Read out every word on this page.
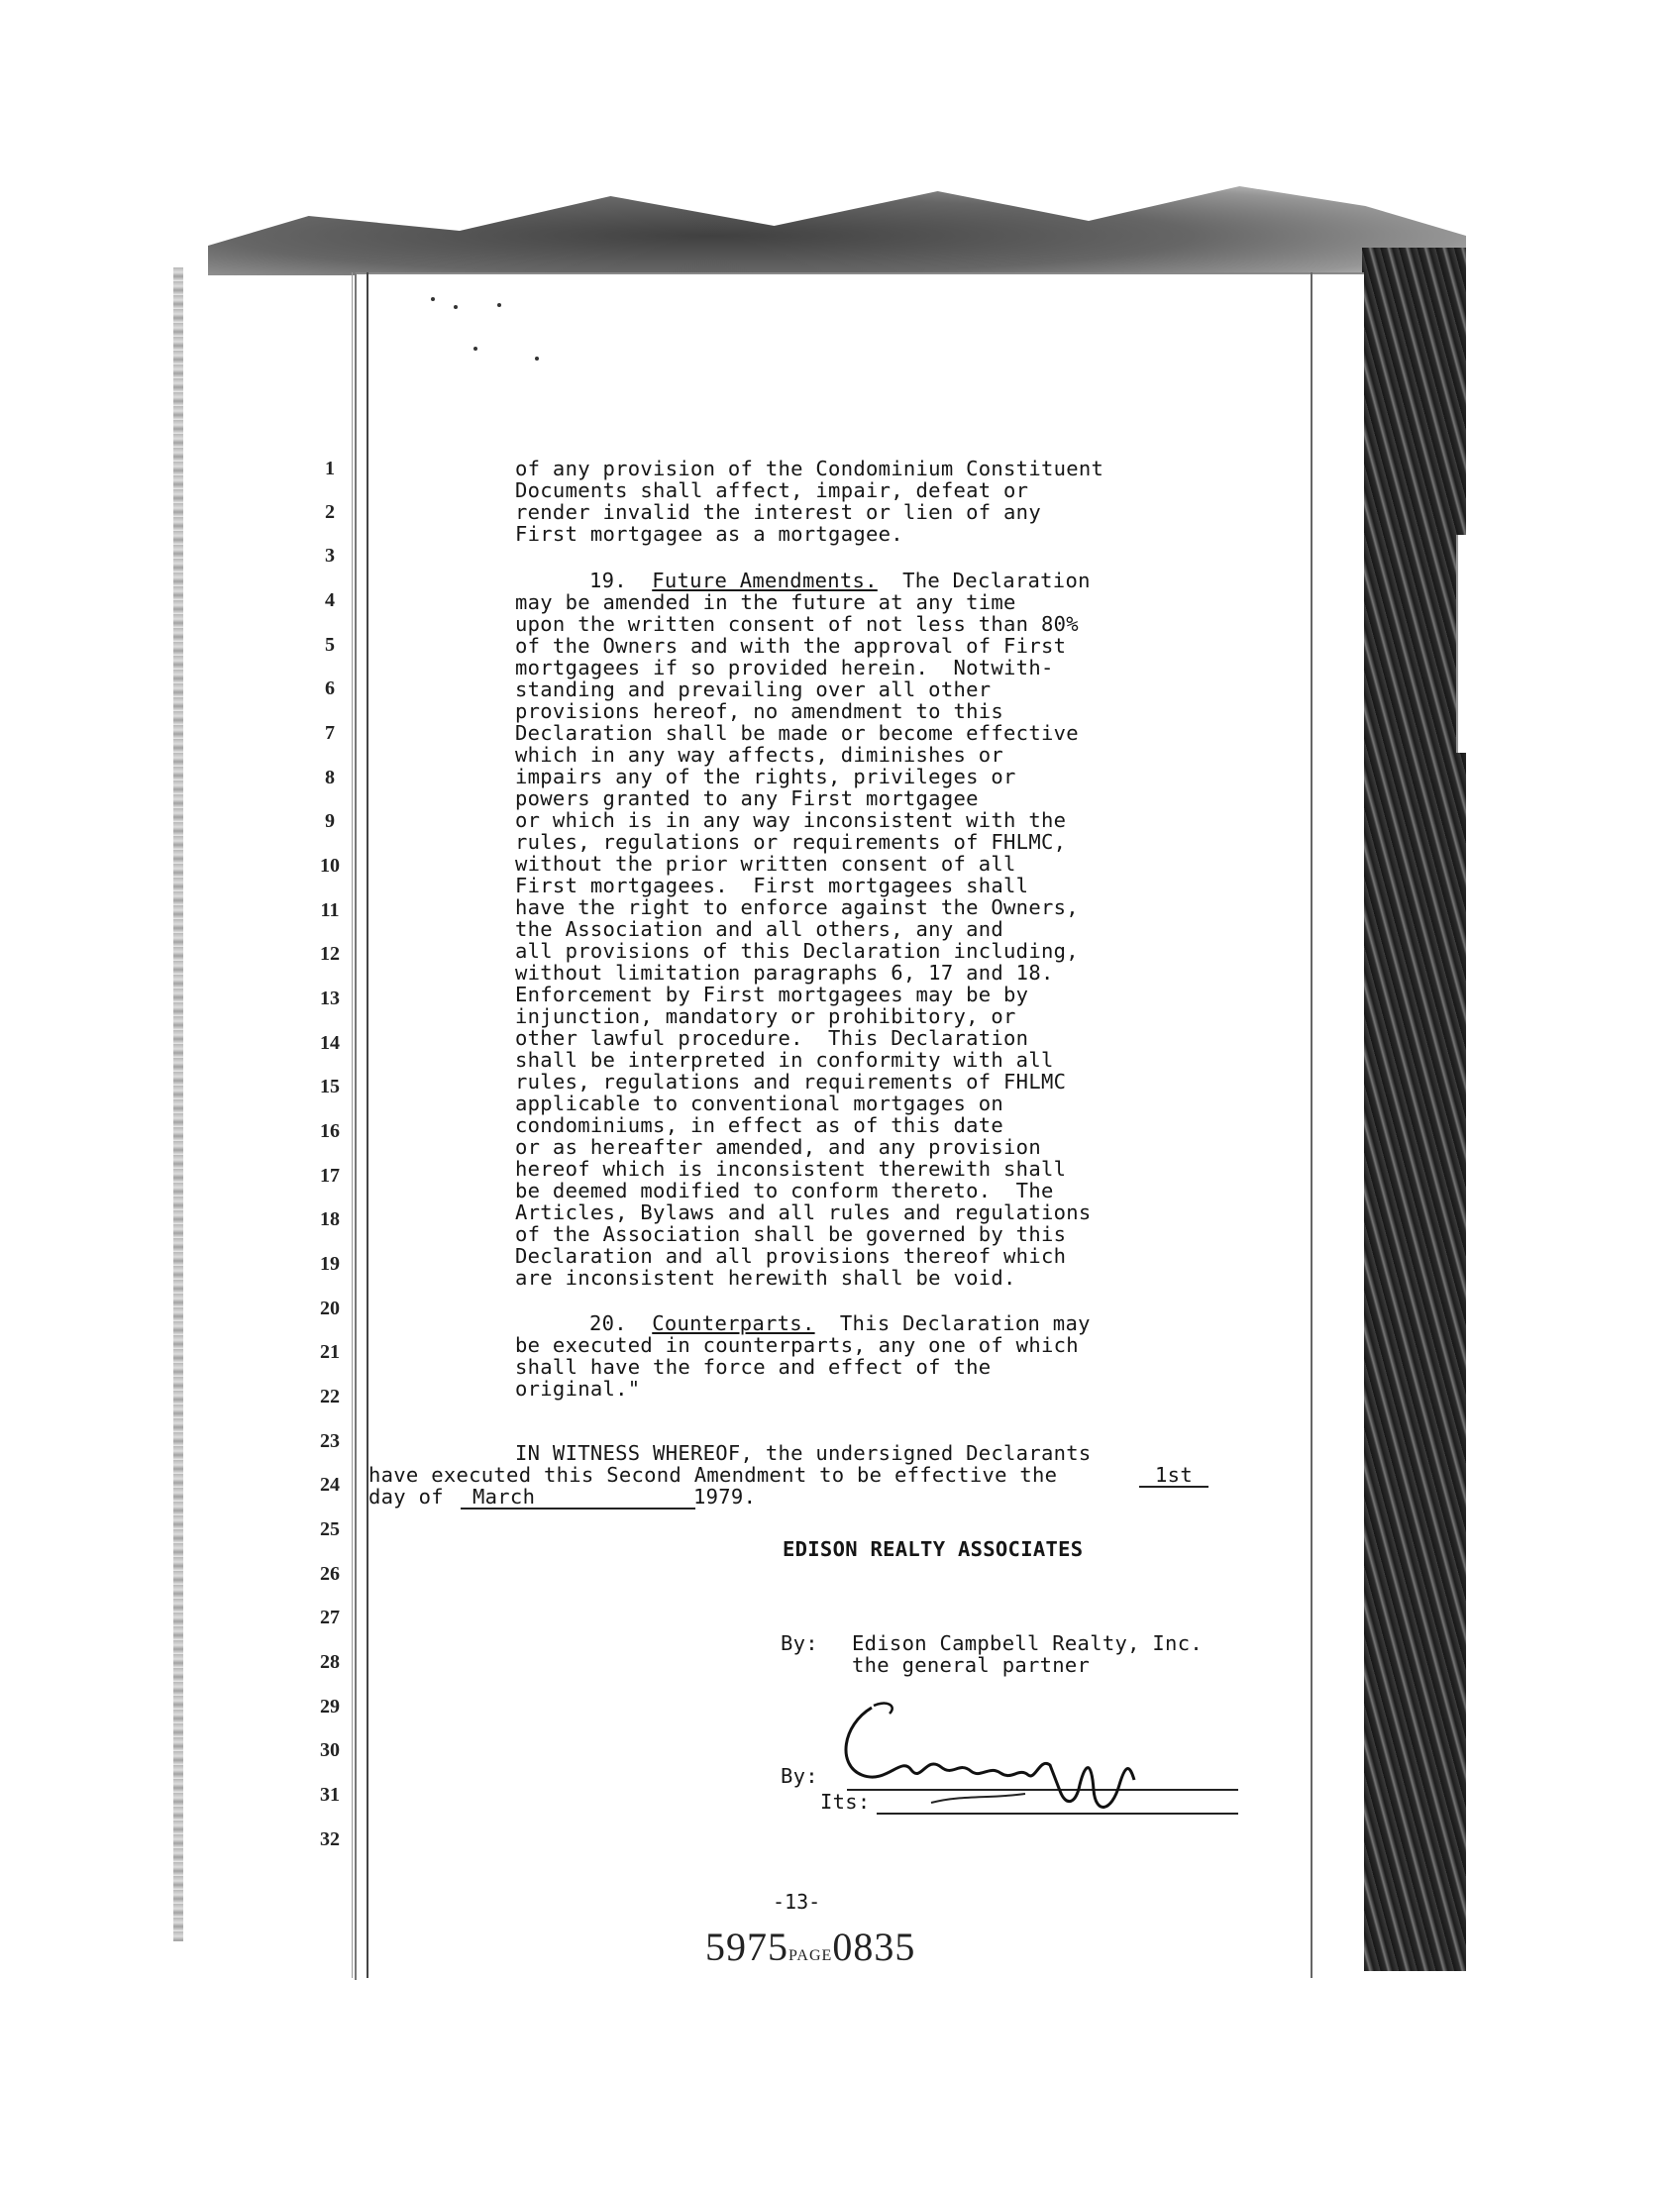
1
2
3
4
5
6
7
8
9
10
11
12
13
14
15
16
17
18
19
20
21
22
23
24
25
26
27
28
29
30
31
32
of any provision of the Condominium Constituent
Documents shall affect, impair, defeat or
render invalid the interest or lien of any
First mortgagee as a mortgagee.
19. Future Amendments. The Declaration
may be amended in the future at any time
upon the written consent of not less than 80%
of the Owners and with the approval of First
mortgagees if so provided herein.  Notwith-
standing and prevailing over all other
provisions hereof, no amendment to this
Declaration shall be made or become effective
which in any way affects, diminishes or
impairs any of the rights, privileges or
powers granted to any First mortgagee
or which is in any way inconsistent with the
rules, regulations or requirements of FHLMC,
without the prior written consent of all
First mortgagees.  First mortgagees shall
have the right to enforce against the Owners,
the Association and all others, any and
all provisions of this Declaration including,
without limitation paragraphs 6, 17 and 18.
Enforcement by First mortgagees may be by
injunction, mandatory or prohibitory, or
other lawful procedure.  This Declaration
shall be interpreted in conformity with all
rules, regulations and requirements of FHLMC
applicable to conventional mortgages on
condominiums, in effect as of this date
or as hereafter amended, and any provision
hereof which is inconsistent therewith shall
be deemed modified to conform thereto.  The
Articles, Bylaws and all rules and regulations
of the Association shall be governed by this
Declaration and all provisions thereof which
are inconsistent herewith shall be void.
20. Counterparts. This Declaration may
be executed in counterparts, any one of which
shall have the force and effect of the
original."
IN WITNESS WHEREOF, the undersigned Declarants
have executed this Second Amendment to be effective the	1st
day of	March	1979.
EDISON REALTY ASSOCIATES
By: Edison Campbell Realty, Inc.
the general partner
By:
Its:
-13-
5975PAGE0835
